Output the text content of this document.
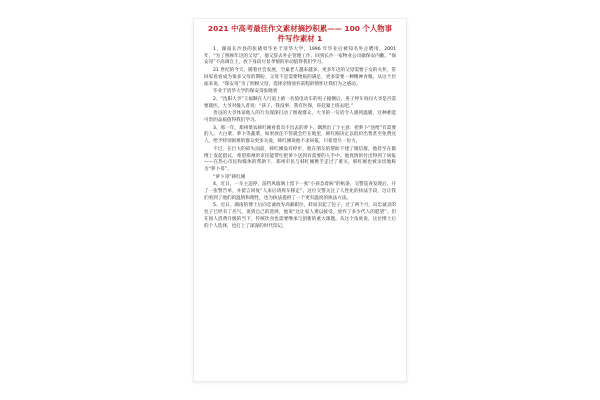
2021 中高考最佳作文素材摘抄积累—— 100 个人物事
件写作素材 1

1、湖南长沙县的张晓勇毕业于清华大学，1996 年毕业后被知名外企聘用，2001 年，“为了照顾年迈的父母”，他又辞去外企管理工作，回到长沙一家物业公司做保安内勤。“保安哥”不高调自上，放下身段尽显孝情的举动值得我们学习。

21 世纪的今天，随着社会发展，空巢老人越来越多，更多年迈的父母需要子女的关怀，常回家看看成为很多父母的期盼，父母不是需要物质的满足，更多需要一种精神食粮。从这个层面来说，“保安哥”为了照顾父母，选择亲情放弃前程的情怀让我们为之感动。

毕业于清华大学的保安哥张晓勇

2、“沈阳大爷”王福顺在人行道上被一名骑电动车的男子撞倒后。男子停车询问大爷是否需要就医，大爷对撞人者说：“孩子，我没事，我有医保，你赶紧上班去吧。”

善良的大爷体谅他人的行为深深打动了围观群众，大爷的一句话令人感到温暖，这种难能可贵的品质值得我们学习。

3、那一年，郑州菜农韩红刚看着卖不出去的萝卜，偶然出了个主意：把萝卜“送给”有需要的人。大白菜、萝卜等蔬菜，如果放任不管就会烂在地里，韩红刚决定以低价出售甚至免费送人，给予特别困难的群众更多关爱，韩红刚说他不求回报，只希望尽一份力。

不过，在巨大的损失面前，韩红刚没有停步，他在朋友的帮助下建了微信群，他甚至在微博上发起倡议，希望郑州的市民能帮忙把萝卜送到有需要的人手中。他真情的付出得到了回报——在热心市民和媒体的帮助下，郑州市民与韩红刚携手走过了难关，韩红刚也被亲切地称为“萝卜哥”。

“萝卜哥”韩红刚

4、近日，一车主违停，前挡风玻璃上留下一张“小孩急着病”的纸条，交警巡查发现后，开了一张警告单，并留言回复“人来后请将车移走”。这位交警关注了人性化的执法手段，这让我们看到了他们的温情和理性，也为执法提供了一个更有温度的执法方法。

5、近日，湖南的博士后向忠诚放弃高薪职位，转而卖起了包子。过了两个月，向忠诚卖的包子已经有了名气，谈到自己的选择，他说“这让家人难以接受，放弃了多少代人的愿望”。但在国人消费升级的当下，传统饮食也需要继承与创新的重大课题。从这个角度说，这位博士后的个人选择，也打上了深深的时代印记。
